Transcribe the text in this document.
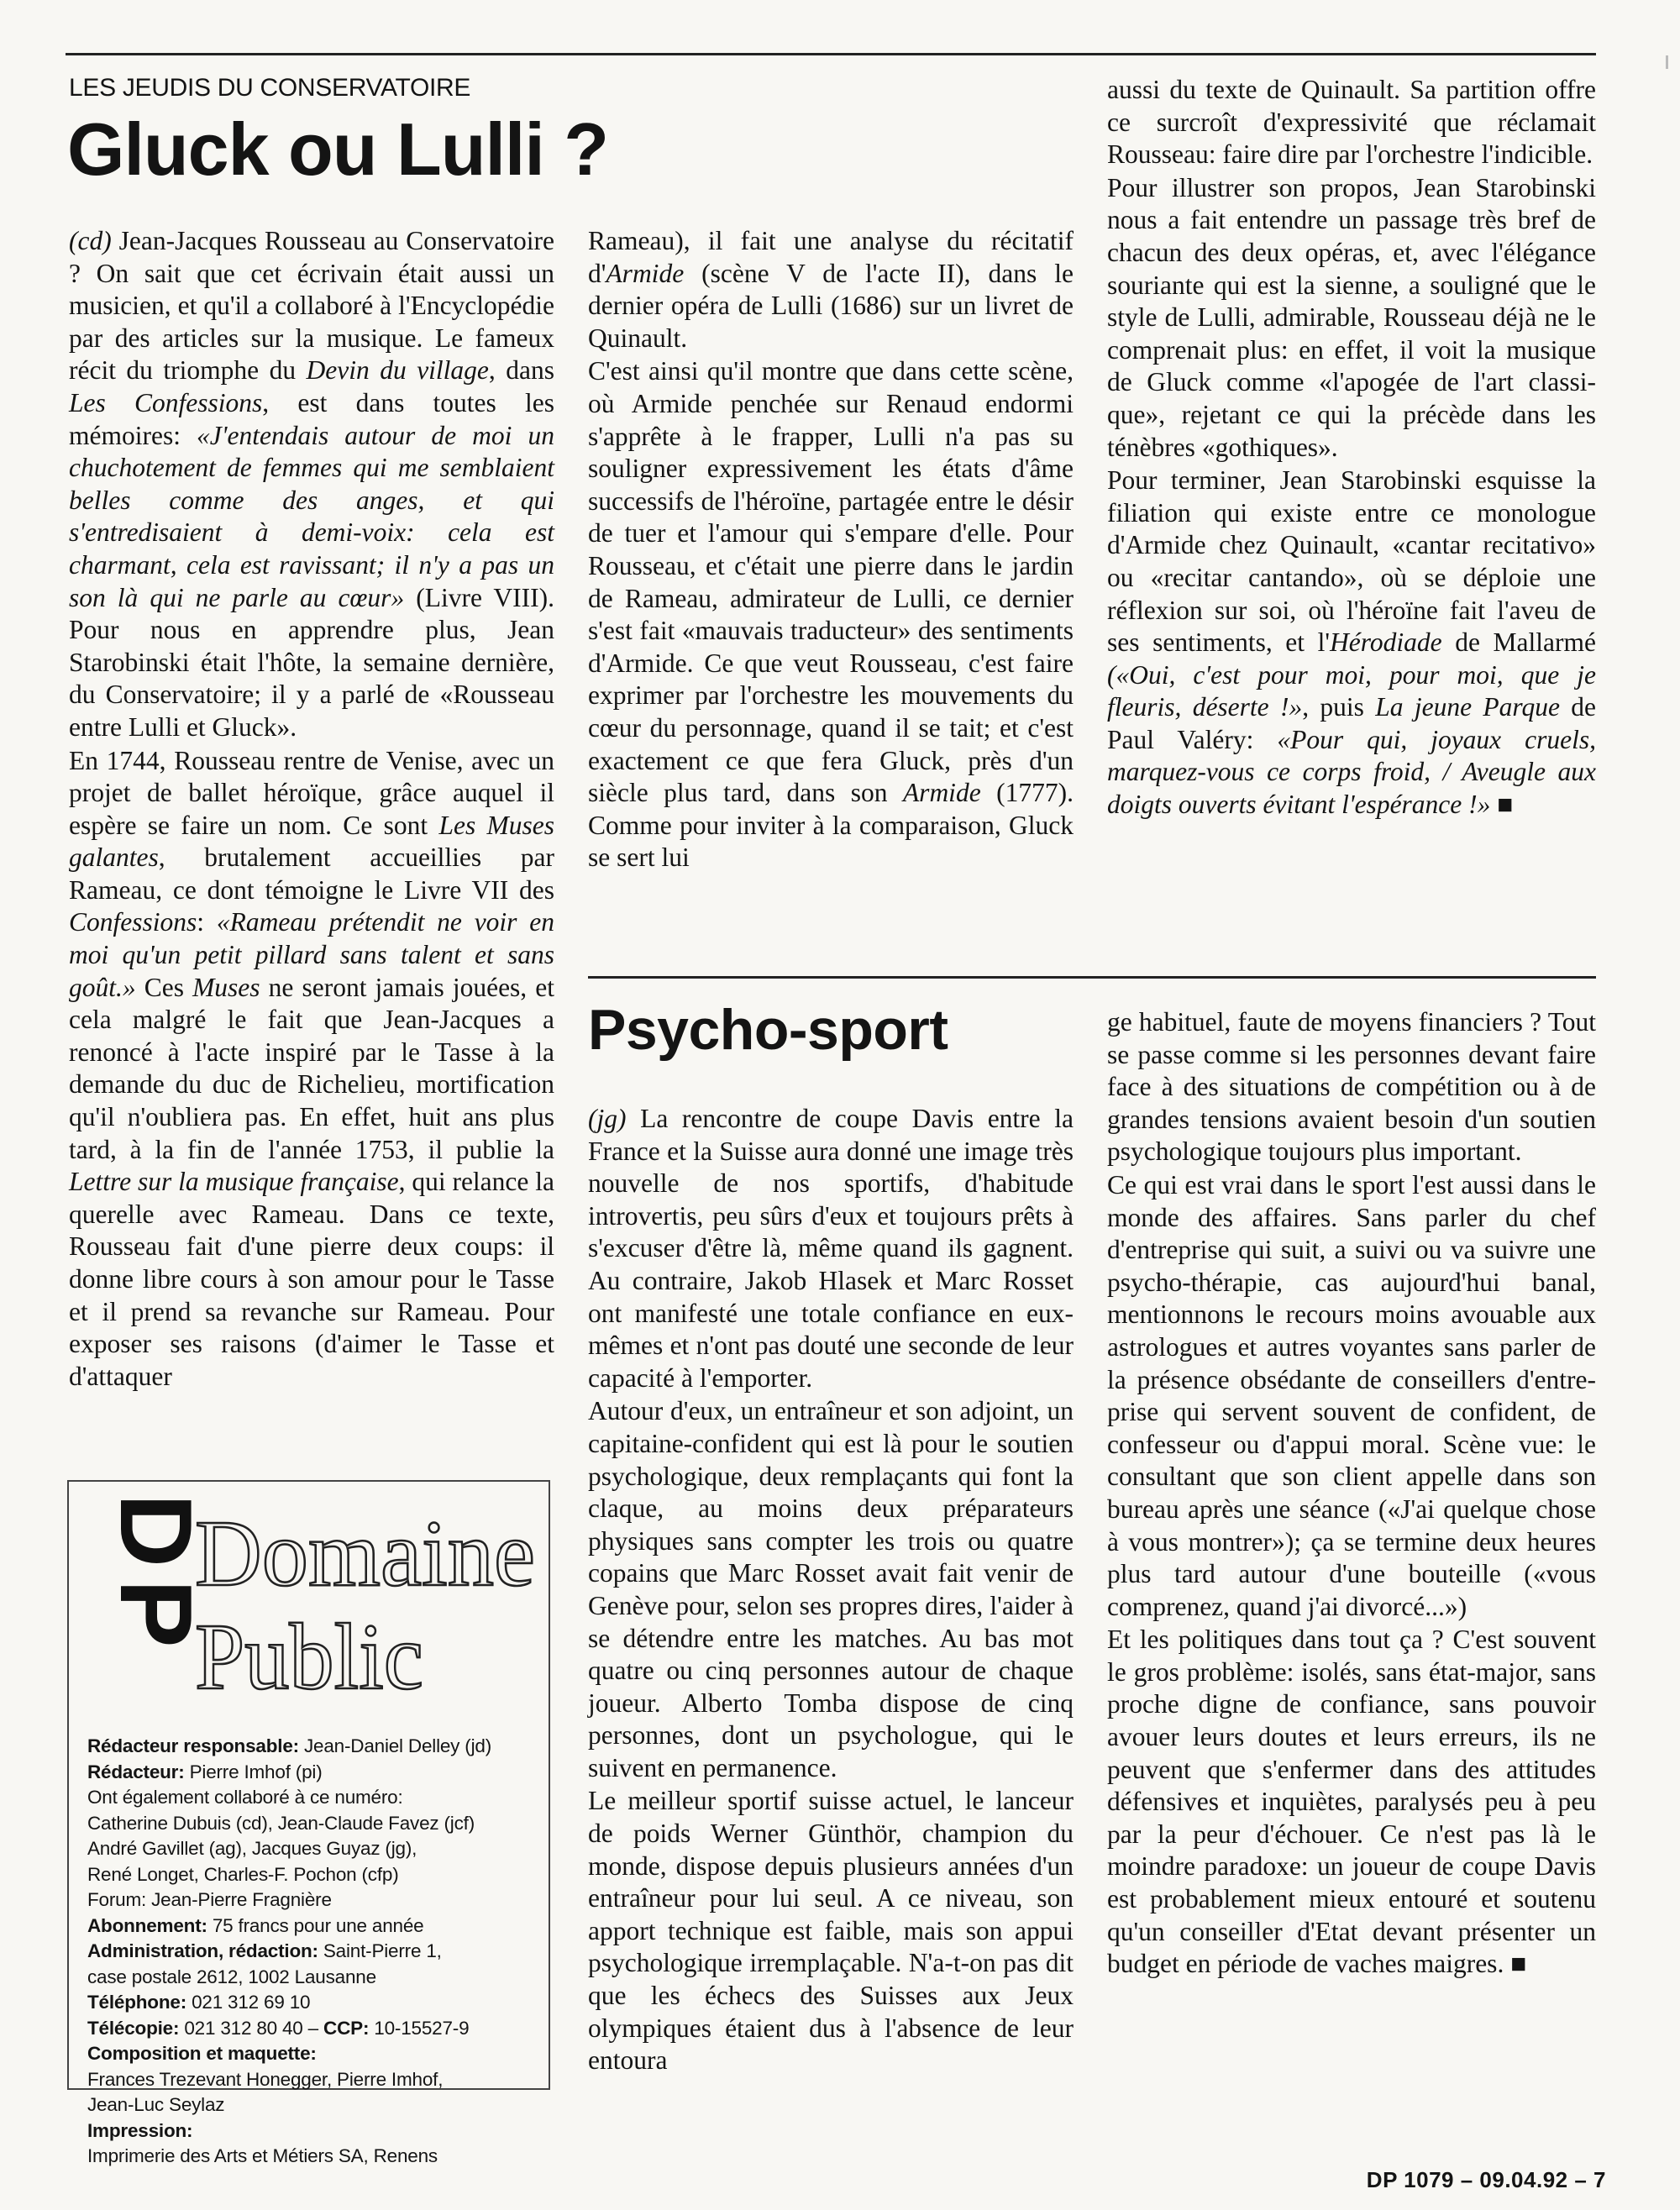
LES JEUDIS DU CONSERVATOIRE
Gluck ou Lulli ?

(cd) Jean-Jacques Rousseau au Conservatoire ? On sait que cet écrivain était aussi un musicien, et qu'il a collaboré à l'Encyclopédie par des articles sur la musique. Le fameux récit du triomphe du Devin du village, dans Les Confessions, est dans toutes les mémoires: «J'entendais autour de moi un chuchotement de femmes qui me semblaient belles comme des anges, et qui s'entredisaient à demi-voix: cela est charmant, cela est ravissant; il n'y a pas un son là qui ne parle au cœur» (Livre VIII). Pour nous en apprendre plus, Jean Starobinski était l'hôte, la semaine dernière, du Conservatoire; il y a parlé de «Rousseau entre Lulli et Gluck».

En 1744, Rousseau rentre de Venise, avec un projet de ballet héroïque, grâce auquel il espère se faire un nom. Ce sont Les Muses galantes, brutalement accueillies par Rameau, ce dont témoigne le Livre VII des Confessions: «Rameau prétendit ne voir en moi qu'un petit pillard sans talent et sans goût.» Ces Muses ne seront jamais jouées, et cela malgré le fait que Jean-Jacques a renoncé à l'acte inspiré par le Tasse à la demande du duc de Richelieu, mortification qu'il n'oubliera pas. En effet, huit ans plus tard, à la fin de l'année 1753, il publie la Lettre sur la musique française, qui relance la querelle avec Rameau. Dans ce texte, Rousseau fait d'une pierre deux coups: il donne libre cours à son amour pour le Tasse et il prend sa revanche sur Rameau. Pour exposer ses raisons (d'aimer le Tasse et d'attaquer

Rameau), il fait une analyse du récitatif d'Armide (scène V de l'acte II), dans le dernier opéra de Lulli (1686) sur un livret de Quinault.

C'est ainsi qu'il montre que dans cette scène, où Armide penchée sur Renaud endormi s'apprête à le frapper, Lulli n'a pas su souligner expressivement les états d'âme successifs de l'héroïne, partagée entre le désir de tuer et l'amour qui s'empare d'elle. Pour Rousseau, et c'était une pierre dans le jardin de Rameau, admirateur de Lulli, ce dernier s'est fait «mauvais traducteur» des sentiments d'Armide. Ce que veut Rousseau, c'est faire exprimer par l'orchestre les mouvements du cœur du personnage, quand il se tait; et c'est exactement ce que fera Gluck, près d'un siècle plus tard, dans son Armide (1777). Comme pour inviter à la comparaison, Gluck se sert lui

aussi du texte de Quinault. Sa partition offre ce surcroît d'expressivité que réclamait Rousseau: faire dire par l'orchestre l'indicible.

Pour illustrer son propos, Jean Starobinski nous a fait entendre un passage très bref de chacun des deux opéras, et, avec l'élégance souriante qui est la sienne, a souligné que le style de Lulli, admirable, Rousseau déjà ne le comprenait plus: en effet, il voit la musique de Gluck comme «l'apogée de l'art classique», rejetant ce qui la précède dans les ténèbres «gothiques».

Pour terminer, Jean Starobinski esquisse la filiation qui existe entre ce monologue d'Armide chez Quinault, «cantar recitativo» ou «recitar cantando», où se déploie une réflexion sur soi, où l'héroïne fait l'aveu de ses sentiments, et l'Hérodiade de Mallarmé («Oui, c'est pour moi, pour moi, que je fleuris, déserte !», puis La jeune Parque de Paul Valéry: «Pour qui, joyaux cruels, marquez-vous ce corps froid, / Aveugle aux doigts ouverts évitant l'espérance !» ■

Psycho-sport

(jg) La rencontre de coupe Davis entre la France et la Suisse aura donné une image très nouvelle de nos sportifs, d'habitude introvertis, peu sûrs d'eux et toujours prêts à s'excuser d'être là, même quand ils gagnent. Au contraire, Jakob Hlasek et Marc Rosset ont manifesté une totale confiance en eux-mêmes et n'ont pas douté une seconde de leur capacité à l'emporter.

Autour d'eux, un entraîneur et son adjoint, un capitaine-confident qui est là pour le soutien psychologique, deux remplaçants qui font la claque, au moins deux préparateurs physiques sans compter les trois ou quatre copains que Marc Rosset avait fait venir de Genève pour, selon ses propres dires, l'aider à se détendre entre les matches. Au bas mot quatre ou cinq personnes autour de chaque joueur. Alberto Tomba dispose de cinq personnes, dont un psychologue, qui le suivent en permanence.

Le meilleur sportif suisse actuel, le lanceur de poids Werner Günthör, champion du monde, dispose depuis plusieurs années d'un entraîneur pour lui seul. A ce niveau, son apport technique est faible, mais son appui psychologique irremplaçable. N'a-t-on pas dit que les échecs des Suisses aux Jeux olympiques étaient dus à l'absence de leur entoura

ge habituel, faute de moyens financiers ? Tout se passe comme si les personnes devant faire face à des situations de compétition ou à de grandes tensions avaient besoin d'un soutien psychologique toujours plus important.

Ce qui est vrai dans le sport l'est aussi dans le monde des affaires. Sans parler du chef d'entreprise qui suit, a suivi ou va suivre une psycho-thérapie, cas aujourd'hui banal, mentionnons le recours moins avouable aux astrologues et autres voyantes sans parler de la présence obsédante de conseillers d'entreprise qui servent souvent de confident, de confesseur ou d'appui moral. Scène vue: le consultant que son client appelle dans son bureau après une séance («J'ai quelque chose à vous montrer»); ça se termine deux heures plus tard autour d'une bouteille («vous comprenez, quand j'ai divorcé...»)

Et les politiques dans tout ça ? C'est souvent le gros problème: isolés, sans état-major, sans proche digne de confiance, sans pouvoir avouer leurs doutes et leurs erreurs, ils ne peuvent que s'enfermer dans des attitudes défensives et inquiètes, paralysés peu à peu par la peur d'échouer. Ce n'est pas là le moindre paradoxe: un joueur de coupe Davis est probablement mieux entouré et soutenu qu'un conseiller d'Etat devant présenter un budget en période de vaches maigres. ■

DP
Domaine
Public
Rédacteur responsable: Jean-Daniel Delley (jd)
Rédacteur: Pierre Imhof (pi)
Ont également collaboré à ce numéro:
Catherine Dubuis (cd), Jean-Claude Favez (jcf)
André Gavillet (ag), Jacques Guyaz (jg),
René Longet, Charles-F. Pochon (cfp)
Forum: Jean-Pierre Fragnière
Abonnement: 75 francs pour une année
Administration, rédaction: Saint-Pierre 1,
case postale 2612, 1002 Lausanne
Téléphone: 021 312 69 10
Télécopie: 021 312 80 40 – CCP: 10-15527-9
Composition et maquette:
Frances Trezevant Honegger, Pierre Imhof,
Jean-Luc Seylaz
Impression:
Imprimerie des Arts et Métiers SA, Renens
DP 1079 – 09.04.92 – 7
